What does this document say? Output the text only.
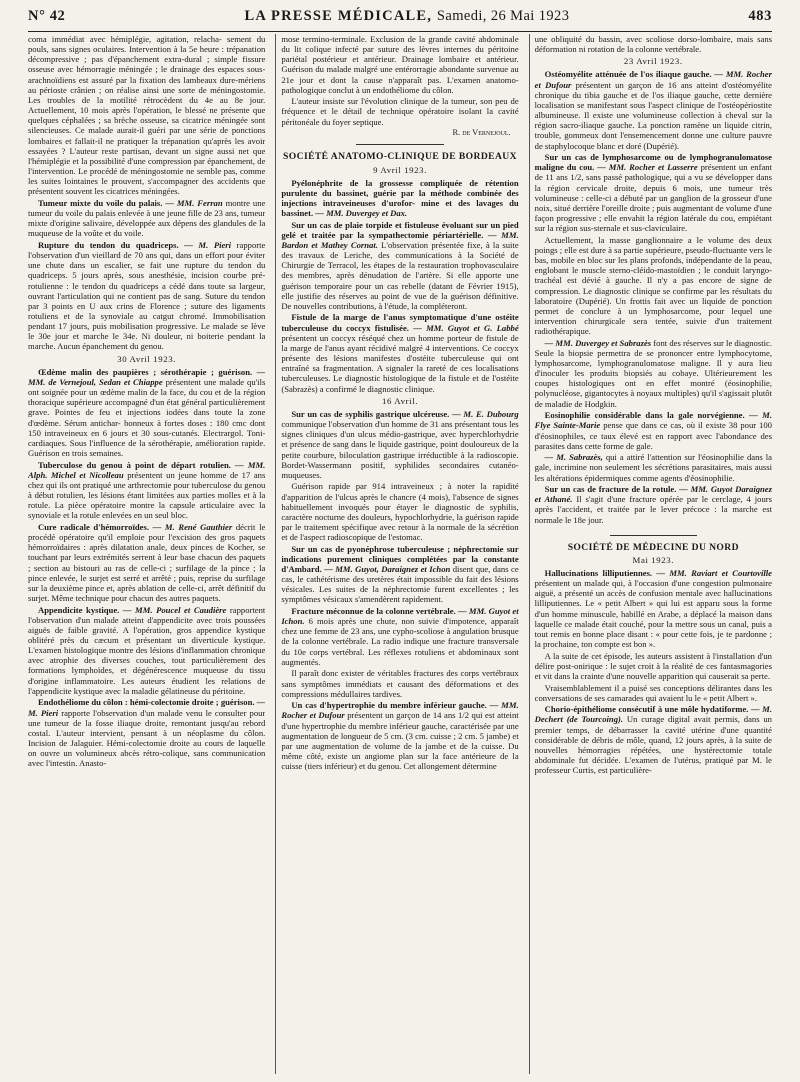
N° 42	LA PRESSE MÉDICALE, Samedi, 26 Mai 1923	483

coma immédiat avec hémiplégie, agitation, relacha- sement du pouls, sans signes oculaires. Intervention à la 5e heure : trépanation décompressive ; pas d'épanchement extra-dural ; simple fissure osseuse avec hémorragie méningée ; le drainage des espaces sous-arachnoïdiens est assuré par la fixation des lambeaux dure-mériens au périoste crânien ; on réalise ainsi une sorte de méningostomie. Les troubles de la motilité rétrocèdent du 4e au 8e jour. Actuellement, 10 mois après l'opération, le blessé ne présente que quelques céphalées ; sa brèche osseuse, sa cicatrice méningée sont silencieuses. Ce malade aurait-il guéri par une série de ponctions lombaires et fallait-il ne pratiquer la trépanation qu'après les avoir essayées ? L'auteur reste partisan, devant un signe aussi net que l'hémiplégie et la possibilité d'une compression par épanchement, de l'intervention. Le procédé de méningostomie ne semble pas, comme les suites lointaines le prouvent, s'accompagner des accidents que présentent souvent les cicatrices méningées.

Tumeur mixte du voile du palais. — MM. Ferran montre une tumeur du voile du palais enlevée à une jeune fille de 23 ans, tumeur mixte d'origine salivaire, développée aux dépens des glandules de la muqueuse de la voûte et du voile.

Rupture du tendon du quadriceps. — M. Pieri rapporte l'observation d'un vieillard de 70 ans qui, dans un effort pour éviter une chute dans un escalier, se fait une rupture du tendon du quadriceps. 5 jours après, sous anesthésie, incision courbe pré-rotulienne : le tendon du quadriceps a cédé dans toute sa largeur, ouvrant l'articulation qui ne contient pas de sang. Suture du tendon par 3 points en U aux crins de Florence ; suture des ligaments rotuliens et de la synoviale au catgut chromé. Immobilisation pendant 17 jours, puis mobilisation progressive. Le malade se lève le 30e jour et marche le 34e. Ni douleur, ni boiterie pendant la marche. Aucun épanchement du genou.

30 Avril 1923.

Œdème malin des paupières ; sérothérapie ; guérison. — MM. de Vernejoul, Sedan et Chiappe présentent une malade qu'ils ont soignée pour un œdème malin de la face, du cou et de la région thoracique supérieure accompagné d'un état général particulièrement grave. Pointes de feu et injections iodées dans toute la zone d'œdème. Sérum antichar- bonneux à fortes doses : 180 cmc dont 150 intraveineux en 6 jours et 30 sous-cutanés. Electrargol. Toni-cardiaques. Sous l'influence de la sérothérapie, amélioration rapide. Guérison en trois semaines.

Tuberculose du genou à point de départ rotulien. — MM. Alph. Michel et Nicolleau présentent un jeune homme de 17 ans chez qui ils ont pratiqué une arthrectomie pour tuberculose du genou à début rotulien, les lésions étant limitées aux parties molles et à la rotule. La pièce opératoire montre la capsule articulaire avec la synoviale et la rotule enlevées en un seul bloc.

Cure radicale d'hémorroïdes. — M. René Gauthier décrit le procédé opératoire qu'il emploie pour l'excision des gros paquets hémorroïdaires : après dilatation anale, deux pinces de Kocher, se touchant par leurs extrémités serrent à leur base chacun des paquets ; section au bistouri au ras de celle-ci ; surfilage de la pince ; la pince enlevée, le surjet est serré et arrêté ; puis, reprise du surfilage sur la deuxième pince et, après ablation de celle-ci, arrêt définitif du surjet. Même technique pour chacun des autres paquets.

Appendicite kystique. — MM. Poucel et Caudière rapportent l'observation d'un malade atteint d'appendicite avec trois poussées aiguës de faible gravité. A l'opération, gros appendice kystique oblitéré près du cæcum et présentant un diverticule kystique. L'examen histologique montre des lésions d'inflammation chronique avec atrophie des diverses couches, tout particulièrement des formations lymphoïdes, et dégénérescence muqueuse du tissu d'origine inflammatoire. Les auteurs étudient les relations de l'appendicite kystique avec la maladie gélatineuse du péritoine.

Endothéliome du côlon : hémi-colectomie droite ; guérison. — M. Pieri rapporte l'observation d'un malade venu le consulter pour une tumeur de la fosse iliaque droite, remontant jusqu'au rebord costal. L'auteur intervient, pensant à un néoplasme du côlon. Incision de Jalaguier. Hémi-colectomie droite au cours de laquelle on ouvre un volumineux abcès rétro-colique, sans communication avec l'intestin. Anasto-

mose termino-terminale. Exclusion de la grande cavité abdominale du lit colique infecté par suture des lèvres internes du péritoine pariétal postérieur et antérieur. Drainage lombaire et antérieur. Guérison du malade malgré une entérorragie abondante survenue au 21e jour et dont la cause n'apparaît pas. L'examen anatomo-pathologique conclut à un endothéliome du côlon.

L'auteur insiste sur l'évolution clinique de la tumeur, son peu de fréquence et le détail de technique opératoire isolant la cavité péritonéale du foyer septique.

R. de Vernejoul.
SOCIÉTÉ ANATOMO-CLINIQUE DE BORDEAUX
9 Avril 1923.

Pyélonéphrite de la grossesse compliquée de rétention purulente du bassinet, guérie par la méthode combinée des injections intraveineuses d'urofor- mine et des lavages du bassinet. — MM. Duvergey et Dax.

Sur un cas de plaie torpide et fistuleuse évoluant sur un pied gelé et traitée par la sympathectomie périartérielle. — MM. Bardon et Mathey Cornat. L'observation présentée fixe, à la suite des travaux de Leriche, des communications à la Société de Chirurgie de Terracol, les étapes de la restauration trophovasculaire des membres, après dénudation de l'artère. Si elle apporte une guérison temporaire pour un cas rebelle (datant de Février 1915), elle justifie des réserves au point de vue de la guérison définitive. De nouvelles contributions, à l'étude, la compléteront.

Fistule de la marge de l'anus symptomatique d'une ostéite tuberculeuse du coccyx fistulisée. — MM. Guyot et G. Labbé présentent un coccyx réséqué chez un homme porteur de fistule de la marge de l'anus ayant récidivé malgré 4 interventions. Ce coccyx présente des lésions manifestes d'ostéite tuberculeuse qui ont entraîné sa fragmentation. A signaler la rareté de ces localisations tuberculeuses. Le diagnostic histologique de la fistule et de l'ostéite (Sabrazès) a confirmé le diagnostic clinique.

16 Avril.

Sur un cas de syphilis gastrique ulcéreuse. — M. E. Dubourg communique l'observation d'un homme de 31 ans présentant tous les signes cliniques d'un ulcus médio-gastrique, avec hyperchlorhydrie et présence de sang dans le liquide gastrique, point douloureux de la petite courbure, biloculation gastrique irréductible à la radioscopie. Bordet-Wassermann positif, syphilides secondaires cutanéo-muqueuses.

Guérison rapide par 914 intraveineux ; à noter la rapidité d'apparition de l'ulcus après le chancre (4 mois), l'absence de signes habituellement invoqués pour étayer le diagnostic de syphilis, caractère nocturne des douleurs, hypochlorhydrie, la guérison rapide par le traitement spécifique avec retour à la normale de la sécrétion et de l'aspect radioscopique de l'estomac.

Sur un cas de pyonéphrose tuberculeuse ; néphrectomie sur indications purement cliniques complétées par la constante d'Ambard. — MM. Guyot, Daraignez et Ichon disent que, dans ce cas, le cathétérisme des uretères était impossible du fait des lésions vésicales. Les suites de la néphrectomie furent excellentes ; les symptômes vésicaux s'amendèrent rapidement.

Fracture méconnue de la colonne vertébrale. — MM. Guyot et Ichon. 6 mois après une chute, non suivie d'impotence, apparaît chez une femme de 23 ans, une cypho-scoliose à angulation brusque de la colonne vertébrale. La radio indique une fracture transversale du 10e corps vertébral. Les réflexes rotuliens et abdominaux sont augmentés.

Il paraît donc exister de véritables fractures des corps vertébraux sans symptômes immédiats et causant des déformations et des compressions médullaires tardives.

Un cas d'hypertrophie du membre inférieur gauche. — MM. Rocher et Dufour présentent un garçon de 14 ans 1/2 qui est atteint d'une hypertrophie du membre inférieur gauche, caractérisée par une augmentation de longueur de 5 cm. (3 cm. cuisse ; 2 cm. 5 jambe) et par une augmentation de volume de la jambe et de la cuisse. Du même côté, existe un angiome plan sur la face antérieure de la cuisse (tiers inférieur) et du genou. Cet allongement détermine

une obliquité du bassin, avec scoliose dorso-lombaire, mais sans déformation ni rotation de la colonne vertébrale.

23 Avril 1923.

Ostéomyélite atténuée de l'os iliaque gauche. — MM. Rocher et Dufour présentent un garçon de 16 ans atteint d'ostéomyélite chronique du tibia gauche et de l'os iliaque gauche, cette dernière localisation se manifestant sous l'aspect clinique de l'ostéopériostite albumineuse. Il existe une volumineuse collection à cheval sur la région sacro-iliaque gauche. La ponction ramène un liquide citrin, trouble, gommeux dont l'ensemencement donne une culture pauvre de staphylocoque blanc et doré (Dupérié).

Sur un cas de lymphosarcome ou de lymphogranulomatose maligne du cou. — MM. Rocher et Lasserre présentent un enfant de 11 ans 1/2, sans passé pathologique, qui a vu se développer dans la région cervicale droite, depuis 6 mois, une tumeur très volumineuse : celle-ci a débuté par un ganglion de la grosseur d'une noix, situé derrière l'oreille droite ; puis augmentant de volume d'une façon progressive ; elle envahit la région latérale du cou, empiétant sur la région sus-sternale et sus-claviculaire.

Actuellement, la masse ganglionnaire a le volume des deux poings ; elle est dure à sa partie supérieure, pseudo-fluctuante vers le bas, mobile en bloc sur les plans profonds, indépendante de la peau, englobant le muscle sterno-cléido-mastoïdien ; le conduit laryngo-trachéal est dévié à gauche. Il n'y a pas encore de signe de compression. Le diagnostic clinique se confirme par les résultats du laboratoire (Dupérié). Un frottis fait avec un liquide de ponction permet de conclure à un lymphosarcome, pour lequel une intervention chirurgicale sera tentée, suivie d'un traitement radiothérapique.

— MM. Duvergey et Sabrazès font des réserves sur le diagnostic. Seule la biopsie permettra de se prononcer entre lymphocytome, lymphosarcome, lymphogranulomatose maligne. Il y aura lieu d'inoculer les produits biopsiés au cobaye. Ultérieurement les coupes histologiques ont en effet montré (éosinophilie, polynucléose, gigantocytes à noyaux multiples) qu'il s'agissait plutôt de maladie de Hodgkin.

Eosinophilie considérable dans la gale norvégienne. — M. Flye Sainte-Marie pense que dans ce cas, où il existe 38 pour 100 d'éosinophiles, ce taux élevé est en rapport avec l'abondance des parasites dans cette forme de gale.

— M. Sabrazès, qui a attiré l'attention sur l'éosinophilie dans la gale, incrimine non seulement les sécrétions parasitaires, mais aussi les altérations épidermiques comme agents d'éosinophilie.

Sur un cas de fracture de la rotule. — MM. Guyot Daraignez et Athané. Il s'agit d'une fracture opérée par le cerclage, 4 jours après l'accident, et traitée par le lever précoce : la marche est normale le 18e jour.

SOCIÉTÉ DE MÉDECINE DU NORD
Mai 1923.

Hallucinations lilliputiennes. — MM. Raviart et Courtoville présentent un malade qui, à l'occasion d'une congestion pulmonaire aiguë, a présenté un accès de confusion mentale avec hallucinations lilliputiennes. Le « petit Albert » qui lui est apparu sous la forme d'un homme minuscule, habillé en Arabe, a déplacé la maison dans laquelle ce malade était couché, pour la mettre sous un canal, puis a tout remis en bonne place disant : « pour cette fois, je te pardonne ; la prochaine, ton compte est bon ».

A la suite de cet épisode, les auteurs assistent à l'installation d'un délire post-onirique : le sujet croit à la réalité de ces fantasmagories et vit dans la crainte d'une nouvelle apparition qui causerait sa perte.

Vraisemblablement il a puisé ses conceptions délirantes dans les conversations de ses camarades qui avaient lu le « petit Albert ».

Chorio-épithéliome consécutif à une môle hydatiforme. — M. Dechert (de Tourcoing). Un curage digital avait permis, dans un premier temps, de débarrasser la cavité utérine d'une quantité considérable de débris de môle, quand, 12 jours après, à la suite de nouvelles hémorragies répétées, une hystérectomie totale abdominale fut décidée. L'examen de l'utérus, pratiqué par M. le professeur Curtis, est particulière-
